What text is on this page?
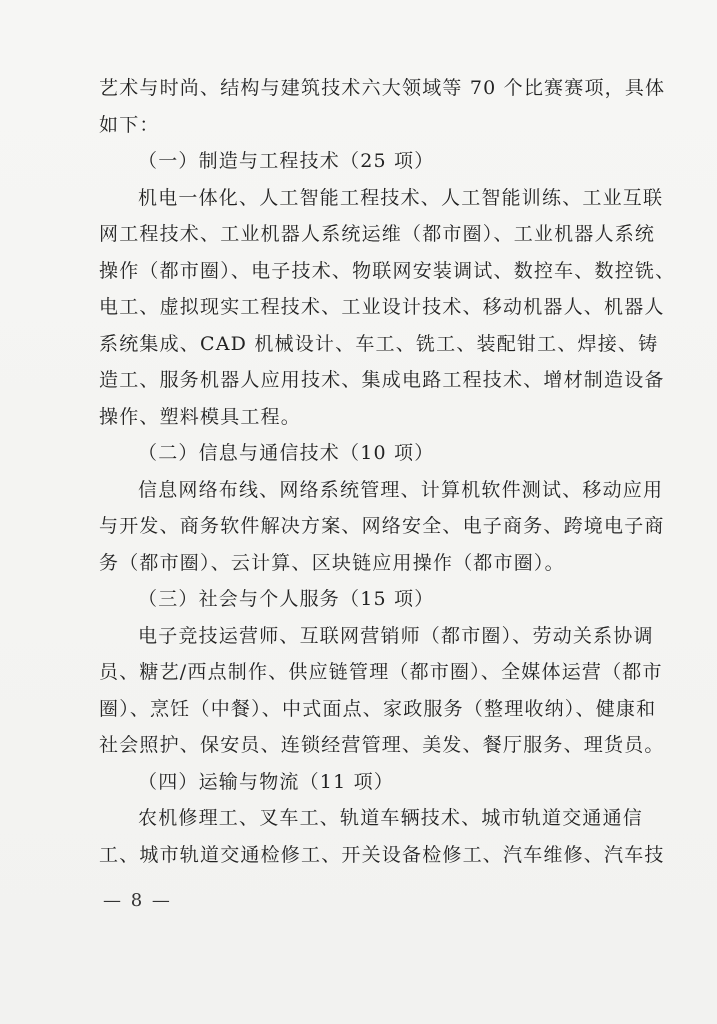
艺术与时尚、结构与建筑技术六大领域等 70 个比赛赛项，具体
如下：
（一）制造与工程技术（25 项）
机电一体化、人工智能工程技术、人工智能训练、工业互联
网工程技术、工业机器人系统运维（都市圈）、工业机器人系统
操作（都市圈）、电子技术、物联网安装调试、数控车、数控铣、
电工、虚拟现实工程技术、工业设计技术、移动机器人、机器人
系统集成、CAD 机械设计、车工、铣工、装配钳工、焊接、铸
造工、服务机器人应用技术、集成电路工程技术、增材制造设备
操作、塑料模具工程。
（二）信息与通信技术（10 项）
信息网络布线、网络系统管理、计算机软件测试、移动应用
与开发、商务软件解决方案、网络安全、电子商务、跨境电子商
务（都市圈）、云计算、区块链应用操作（都市圈）。
（三）社会与个人服务（15 项）
电子竞技运营师、互联网营销师（都市圈）、劳动关系协调
员、糖艺/西点制作、供应链管理（都市圈）、全媒体运营（都市
圈）、烹饪（中餐）、中式面点、家政服务（整理收纳）、健康和
社会照护、保安员、连锁经营管理、美发、餐厅服务、理货员。
（四）运输与物流（11 项）
农机修理工、叉车工、轨道车辆技术、城市轨道交通通信
工、城市轨道交通检修工、开关设备检修工、汽车维修、汽车技
— 8 —
